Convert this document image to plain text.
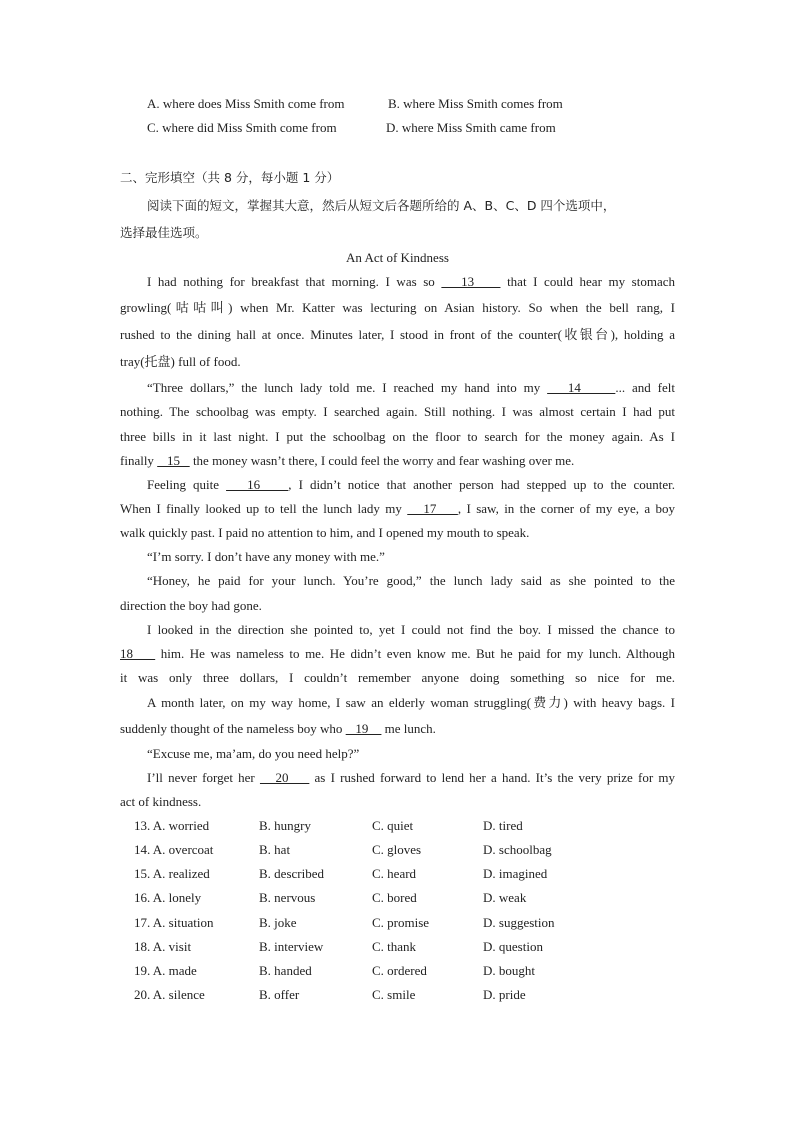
A. where does Miss Smith come from	B. where Miss Smith comes from
C. where did Miss Smith come from	D. where Miss Smith came from
二、完形填空（共 8 分，每小题 1 分）
阅读下面的短文，掌握其大意，然后从短文后各题所给的 A、B、C、D 四个选项中，
选择最佳选项。
An Act of Kindness
I had nothing for breakfast that morning. I was so    13     that I could hear my stomach
growling(咕咕叫) when Mr. Katter was lecturing on Asian history. So when the bell rang, I
rushed to the dining hall at once. Minutes later, I stood in front of the counter(收银台), holding a
tray(托盘) full of food.
“Three dollars,” the lunch lady told me. I reached my hand into my    14     ... and felt
nothing. The schoolbag was empty. I searched again. Still nothing. I was almost certain I had put
three bills in it last night. I put the schoolbag on the floor to search for the money again. As I
finally    15    the money wasn’t there, I could feel the worry and fear washing over me.
Feeling quite    16    , I didn’t notice that another person had stepped up to the counter.
When I finally looked up to tell the lunch lady my    17    , I saw, in the corner of my eye, a boy
walk quickly past. I paid no attention to him, and I opened my mouth to speak.
“I’m sorry. I don’t have any money with me.”
“Honey, he paid for your lunch. You’re good,” the lunch lady said as she pointed to the
direction the boy had gone.
I looked in the direction she pointed to, yet I could not find the boy. I missed the chance to
18     him. He was nameless to me. He didn’t even know me. But he paid for my lunch. Although
it was only three dollars, I couldn’t remember anyone doing something so nice for me.
A month later, on my way home, I saw an elderly woman struggling(费力) with heavy bags. I
suddenly thought of the nameless boy who    19     me lunch.
“Excuse me, ma’am, do you need help?”
I’ll never forget her    20     as I rushed forward to lend her a hand. It’s the very prize for my
act of kindness.
13. A. worried	B. hungry	C. quiet	D. tired
14. A. overcoat	B. hat	C. gloves	D. schoolbag
15. A. realized	B. described	C. heard	D. imagined
16. A. lonely	B. nervous	C. bored	D. weak
17. A. situation	B. joke	C. promise	D. suggestion
18. A. visit	B. interview	C. thank	D. question
19. A. made	B. handed	C. ordered	D. bought
20. A. silence	B. offer	C. smile	D. pride
